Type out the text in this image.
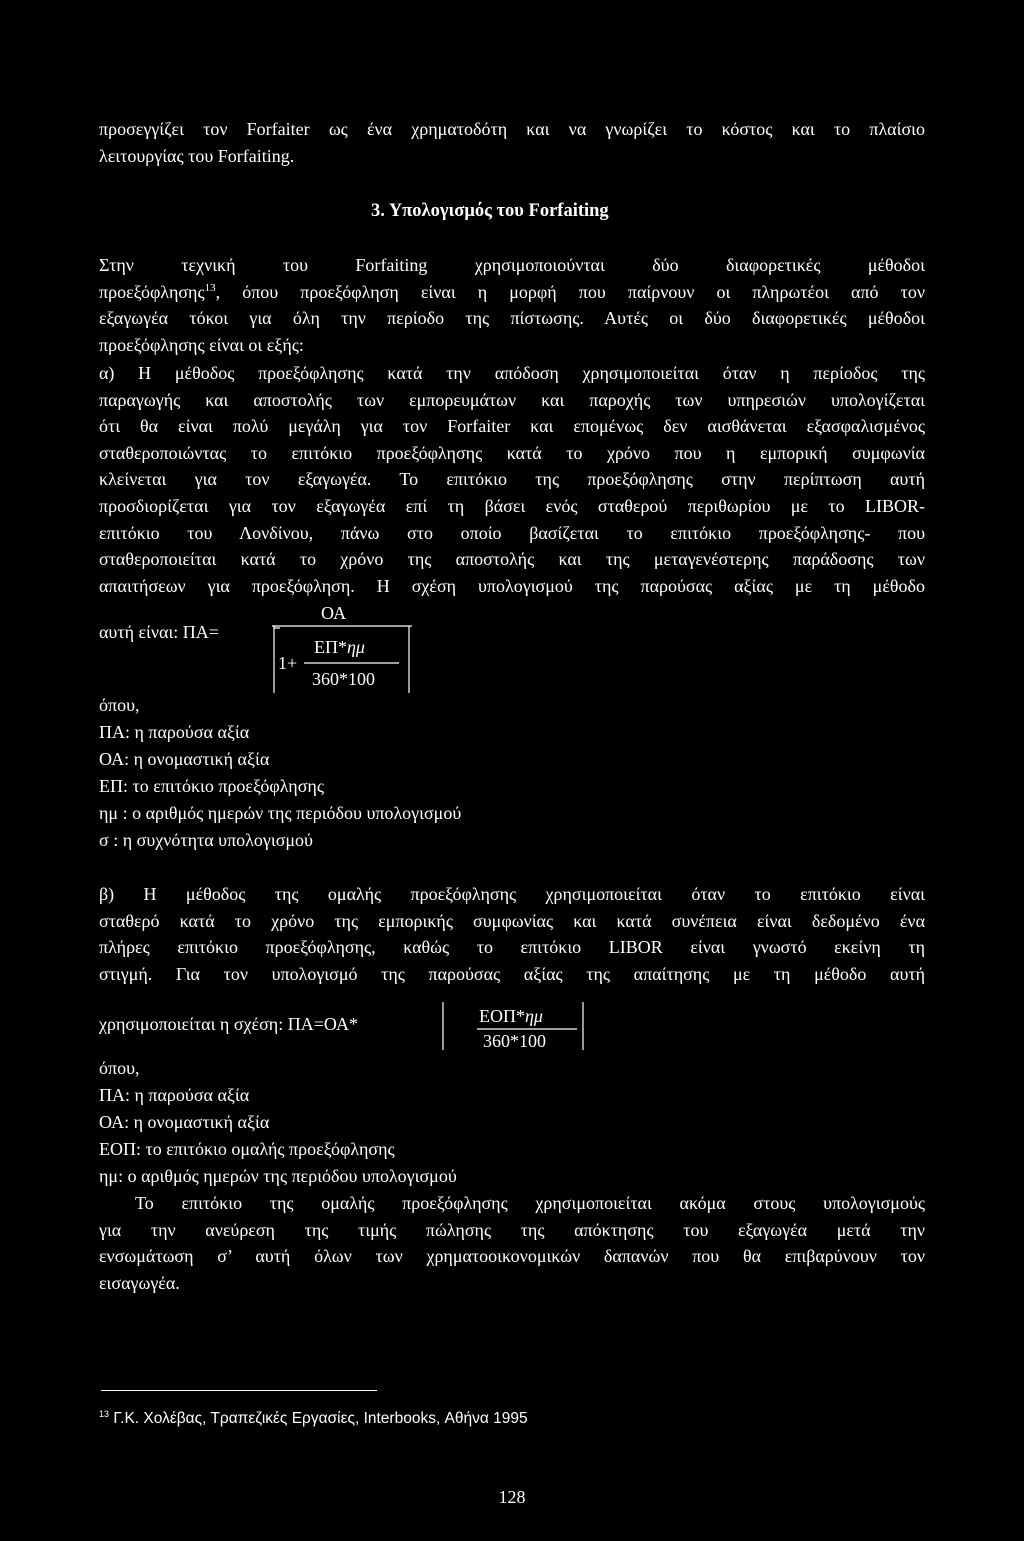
προσεγγίζει τον Forfaiter ως ένα χρηματοδότη και να γνωρίζει το κόστος και το πλαίσιο
λειτουργίας του Forfaiting.
3. Υπολογισμός του Forfaiting
Στην τεχνική του Forfaiting χρησιμοποιούνται δύο διαφορετικές μέθοδοι
προεξόφλησης$^{13}$, όπου προεξόφληση είναι η μορφή που παίρνουν οι πληρωτέοι από τον
εξαγωγέα τόκοι για όλη την περίοδο της πίστωσης. Αυτές οι δύο διαφορετικές μέθοδοι
προεξόφλησης είναι οι εξής:
α) Η μέθοδος προεξόφλησης κατά την απόδοση χρησιμοποιείται όταν η περίοδος της
παραγωγής και αποστολής των εμπορευμάτων και παροχής των υπηρεσιών υπολογίζεται
ότι θα είναι πολύ μεγάλη για τον Forfaiter και επομένως δεν αισθάνεται εξασφαλισμένος
σταθεροποιώντας το επιτόκιο προεξόφλησης κατά το χρόνο που η εμπορική συμφωνία
κλείνεται για τον εξαγωγέα. Το επιτόκιο της προεξόφλησης στην περίπτωση αυτή
προσδιορίζεται για τον εξαγωγέα επί τη βάσει ενός σταθερού περιθωρίου με το LIBOR-
επιτόκιο του Λονδίνου, πάνω στο οποίο βασίζεται το επιτόκιο προεξόφλησης- που
σταθεροποιείται κατά το χρόνο της αποστολής και της μεταγενέστερης παράδοσης των
απαιτήσεων για προεξόφληση. Η σχέση υπολογισμού της παρούσας αξίας με τη μέθοδο
αυτή είναι: ΠΑ=
ΟΑ
1+
ΕΠ*ημ
360*100
όπου,
ΠΑ: η παρούσα αξία
ΟΑ: η ονομαστική αξία
ΕΠ: το επιτόκιο προεξόφλησης
ημ : ο αριθμός ημερών της περιόδου υπολογισμού
σ : η συχνότητα υπολογισμού
β) Η μέθοδος της ομαλής προεξόφλησης χρησιμοποιείται όταν το επιτόκιο είναι
σταθερό κατά το χρόνο της εμπορικής συμφωνίας και κατά συνέπεια είναι δεδομένο ένα
πλήρες επιτόκιο προεξόφλησης, καθώς το επιτόκιο LIBOR είναι γνωστό εκείνη τη
στιγμή. Για τον υπολογισμό της παρούσας αξίας της απαίτησης με τη μέθοδο αυτή
χρησιμοποιείται η σχέση: ΠΑ=ΟΑ*	ΕΟΠ*ημ
360*100
όπου,
ΠΑ: η παρούσα αξία
ΟΑ: η ονομαστική αξία
ΕΟΠ: το επιτόκιο ομαλής προεξόφλησης
ημ: ο αριθμός ημερών της περιόδου υπολογισμού
Το επιτόκιο της ομαλής προεξόφλησης χρησιμοποιείται ακόμα στους υπολογισμούς
για την ανεύρεση της τιμής πώλησης της απόκτησης του εξαγωγέα μετά την
ενσωμάτωση σ’ αυτή όλων των χρηματοοικονομικών δαπανών που θα επιβαρύνουν τον
εισαγωγέα.
$^{13}$ Γ.Κ. Χολέβας, Τραπεζικές Εργασίες, Interbooks, Αθήνα 1995
128
